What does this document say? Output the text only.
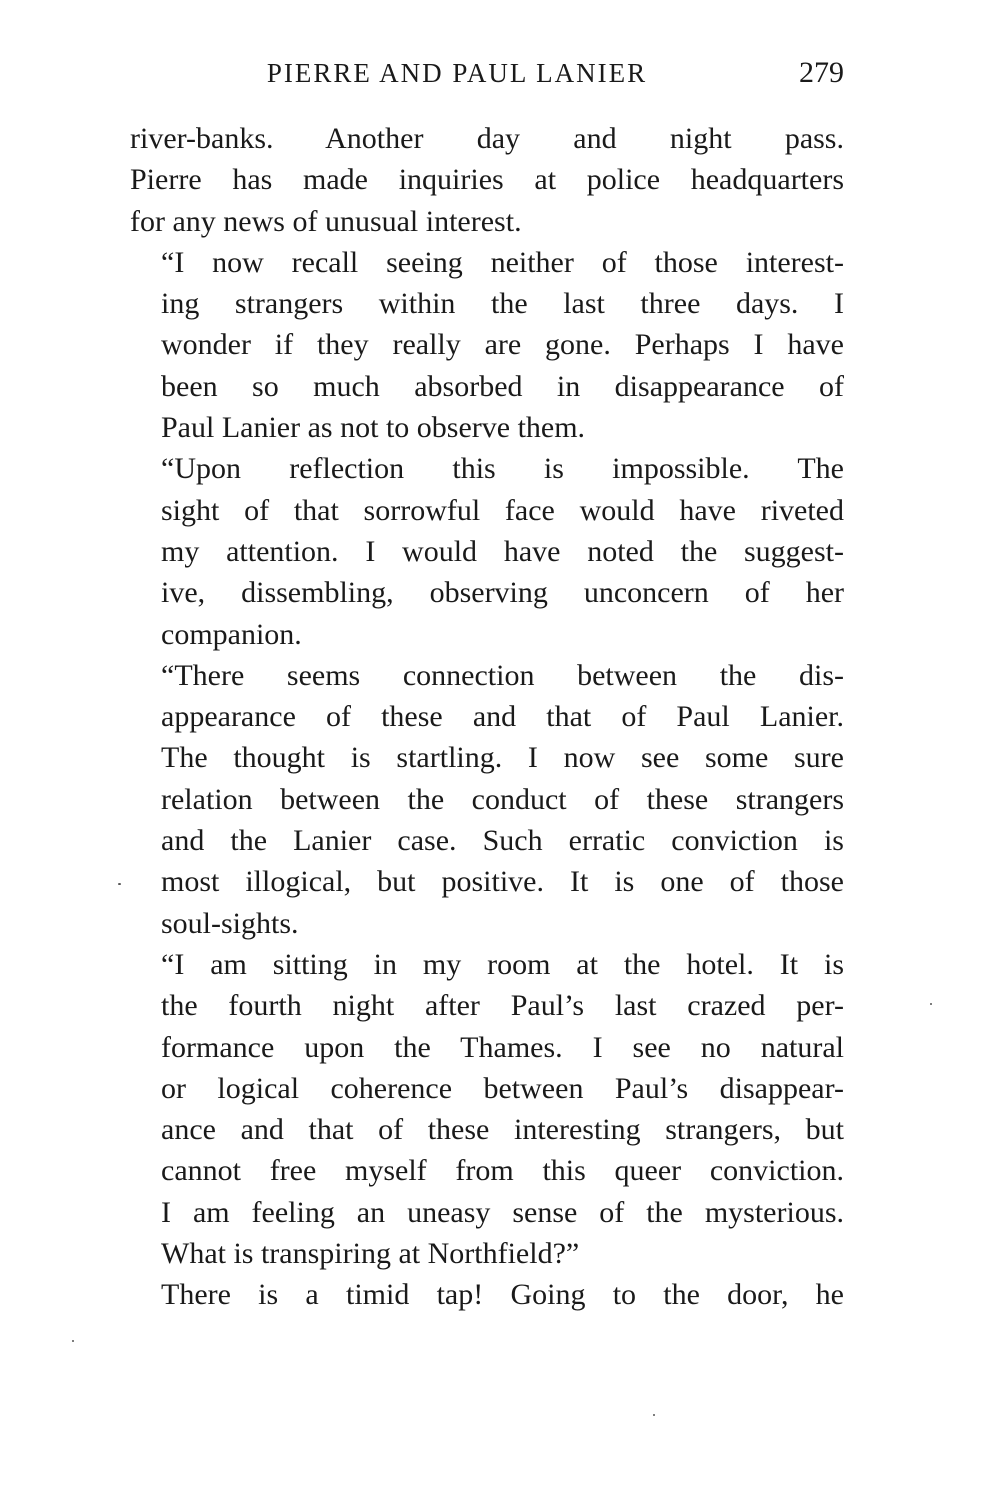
PIERRE AND PAUL LANIER	279

river-banks. Another day and night pass.
Pierre has made inquiries at police headquarters
for any news of unusual interest.

“I now recall seeing neither of those interest-
ing strangers within the last three days. I
wonder if they really are gone. Perhaps I have
been so much absorbed in disappearance of
Paul Lanier as not to observe them.

“Upon reflection this is impossible. The
sight of that sorrowful face would have riveted
my attention. I would have noted the suggest-
ive, dissembling, observing unconcern of her
companion.

“There seems connection between the dis-
appearance of these and that of Paul Lanier.
The thought is startling. I now see some sure
relation between the conduct of these strangers
and the Lanier case. Such erratic conviction is
most illogical, but positive. It is one of those
soul-sights.

“I am sitting in my room at the hotel. It is
the fourth night after Paul’s last crazed per-
formance upon the Thames. I see no natural
or logical coherence between Paul’s disappear-
ance and that of these interesting strangers, but
cannot free myself from this queer conviction.
I am feeling an uneasy sense of the mysterious.
What is transpiring at Northfield?”

There is a timid tap! Going to the door, he
